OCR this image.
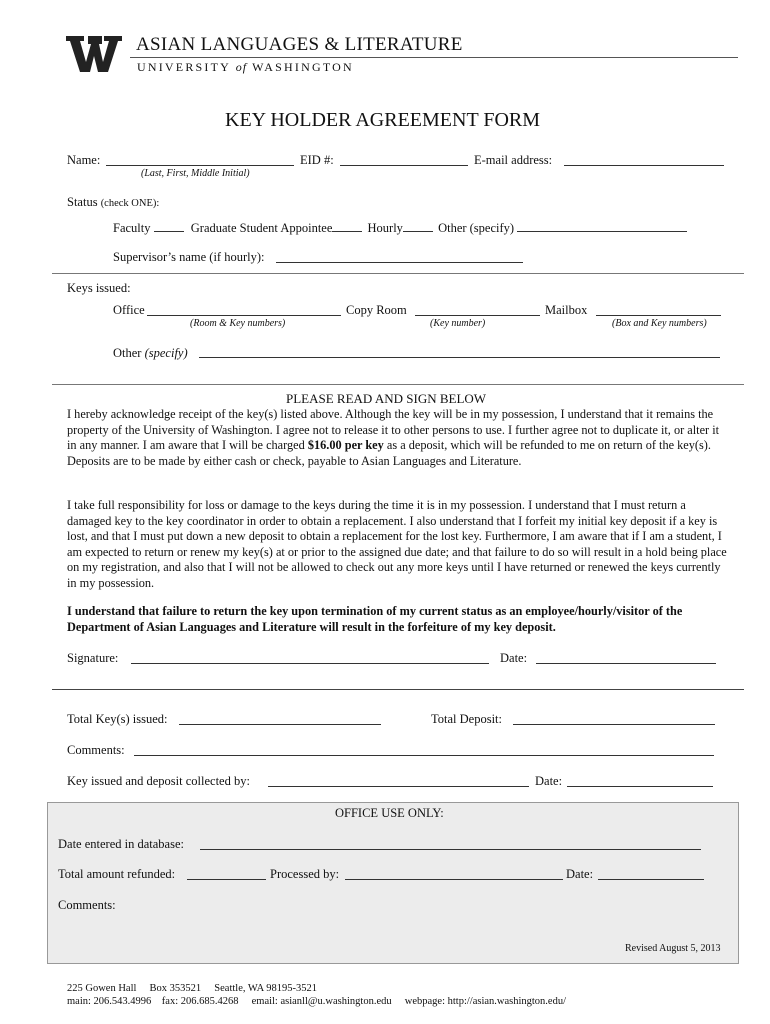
ASIAN LANGUAGES & LITERATURE
UNIVERSITY of WASHINGTON
KEY HOLDER AGREEMENT FORM
Name:
(Last, First, Middle Initial)
EID #:	E-mail address:
Status (check ONE):
Faculty	Graduate Student Appointee	Hourly	Other (specify)
Supervisor’s name (if hourly):
Keys issued:
Office
(Room & Key numbers)
Copy Room
(Key number)
Mailbox
(Box and Key numbers)
Other (specify)
PLEASE READ AND SIGN BELOW
I hereby acknowledge receipt of the key(s) listed above. Although the key will be in my possession, I understand that it remains the property of the University of Washington. I agree not to release it to other persons to use. I further agree not to duplicate it, or alter it in any manner. I am aware that I will be charged $16.00 per key as a deposit, which will be refunded to me on return of the key(s). Deposits are to be made by either cash or check, payable to Asian Languages and Literature.
I take full responsibility for loss or damage to the keys during the time it is in my possession. I understand that I must return a damaged key to the key coordinator in order to obtain a replacement. I also understand that I forfeit my initial key deposit if a key is lost, and that I must put down a new deposit to obtain a replacement for the lost key. Furthermore, I am aware that if I am a student, I am expected to return or renew my key(s) at or prior to the assigned due date; and that failure to do so will result in a hold being place on my registration, and also that I will not be allowed to check out any more keys until I have returned or renewed the keys currently in my possession.
I understand that failure to return the key upon termination of my current status as an employee/hourly/visitor of the Department of Asian Languages and Literature will result in the forfeiture of my key deposit.
Signature:	Date:
Total Key(s) issued:	Total Deposit:
Comments:
Key issued and deposit collected by:	Date:
OFFICE USE ONLY:
Date entered in database:
Total amount refunded:	Processed by:	Date:
Comments:
Revised August 5, 2013
225 Gowen Hall     Box 353521     Seattle, WA 98195-3521
main: 206.543.4996    fax: 206.685.4268     email: asianll@u.washington.edu     webpage: http://asian.washington.edu/
